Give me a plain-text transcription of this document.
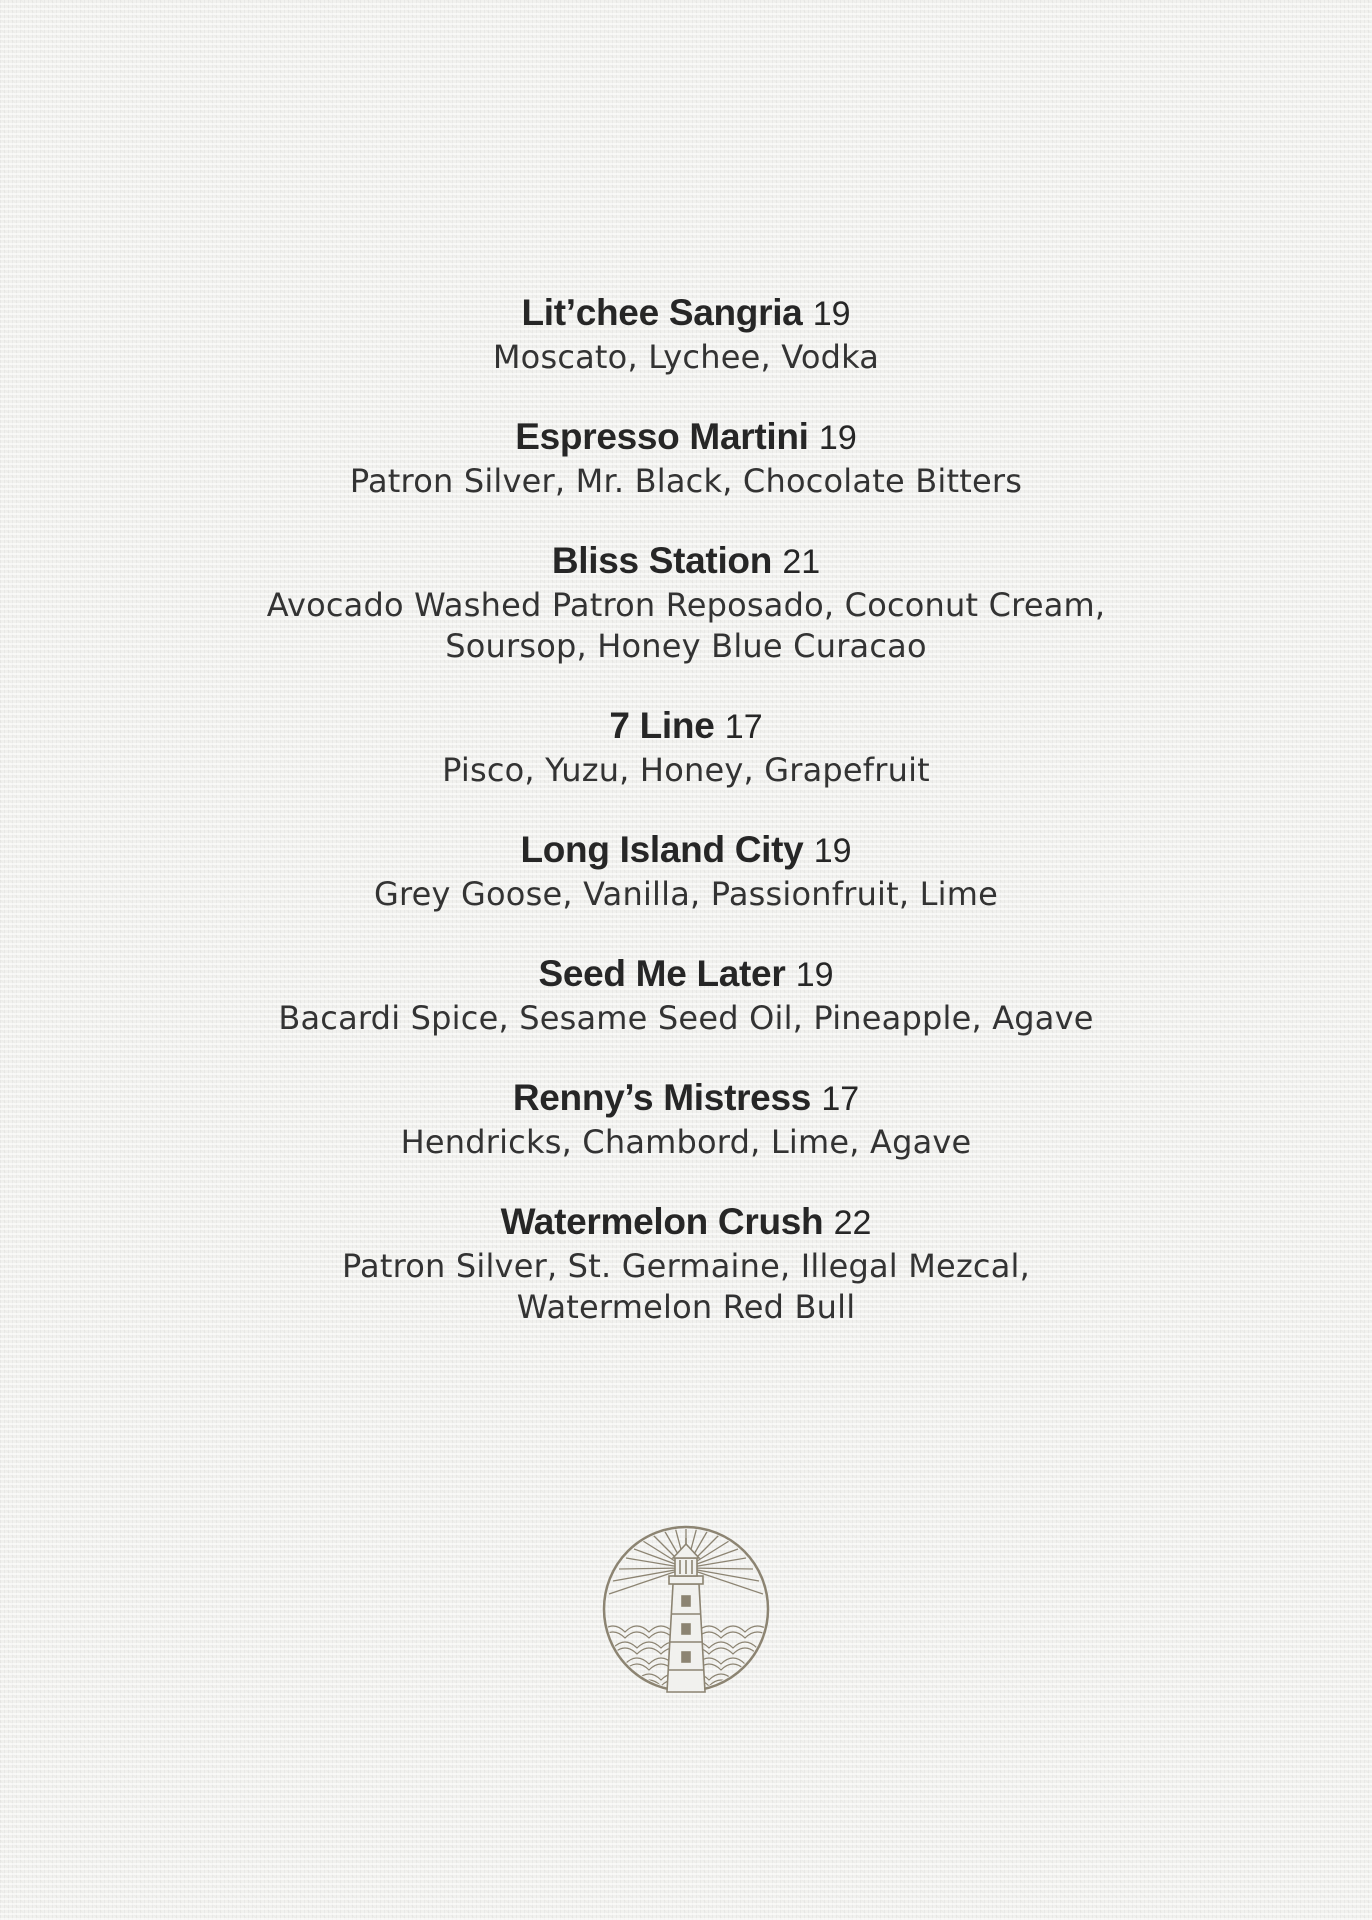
Lit’chee Sangria 19
Moscato, Lychee, Vodka
Espresso Martini 19
Patron Silver, Mr. Black, Chocolate Bitters
Bliss Station 21
Avocado Washed Patron Reposado, Coconut Cream,
Soursop, Honey Blue Curacao
7 Line 17
Pisco, Yuzu, Honey, Grapefruit
Long Island City 19
Grey Goose, Vanilla, Passionfruit, Lime
Seed Me Later 19
Bacardi Spice, Sesame Seed Oil, Pineapple, Agave
Renny’s Mistress 17
Hendricks, Chambord, Lime, Agave
Watermelon Crush 22
Patron Silver, St. Germaine, Illegal Mezcal,
Watermelon Red Bull
